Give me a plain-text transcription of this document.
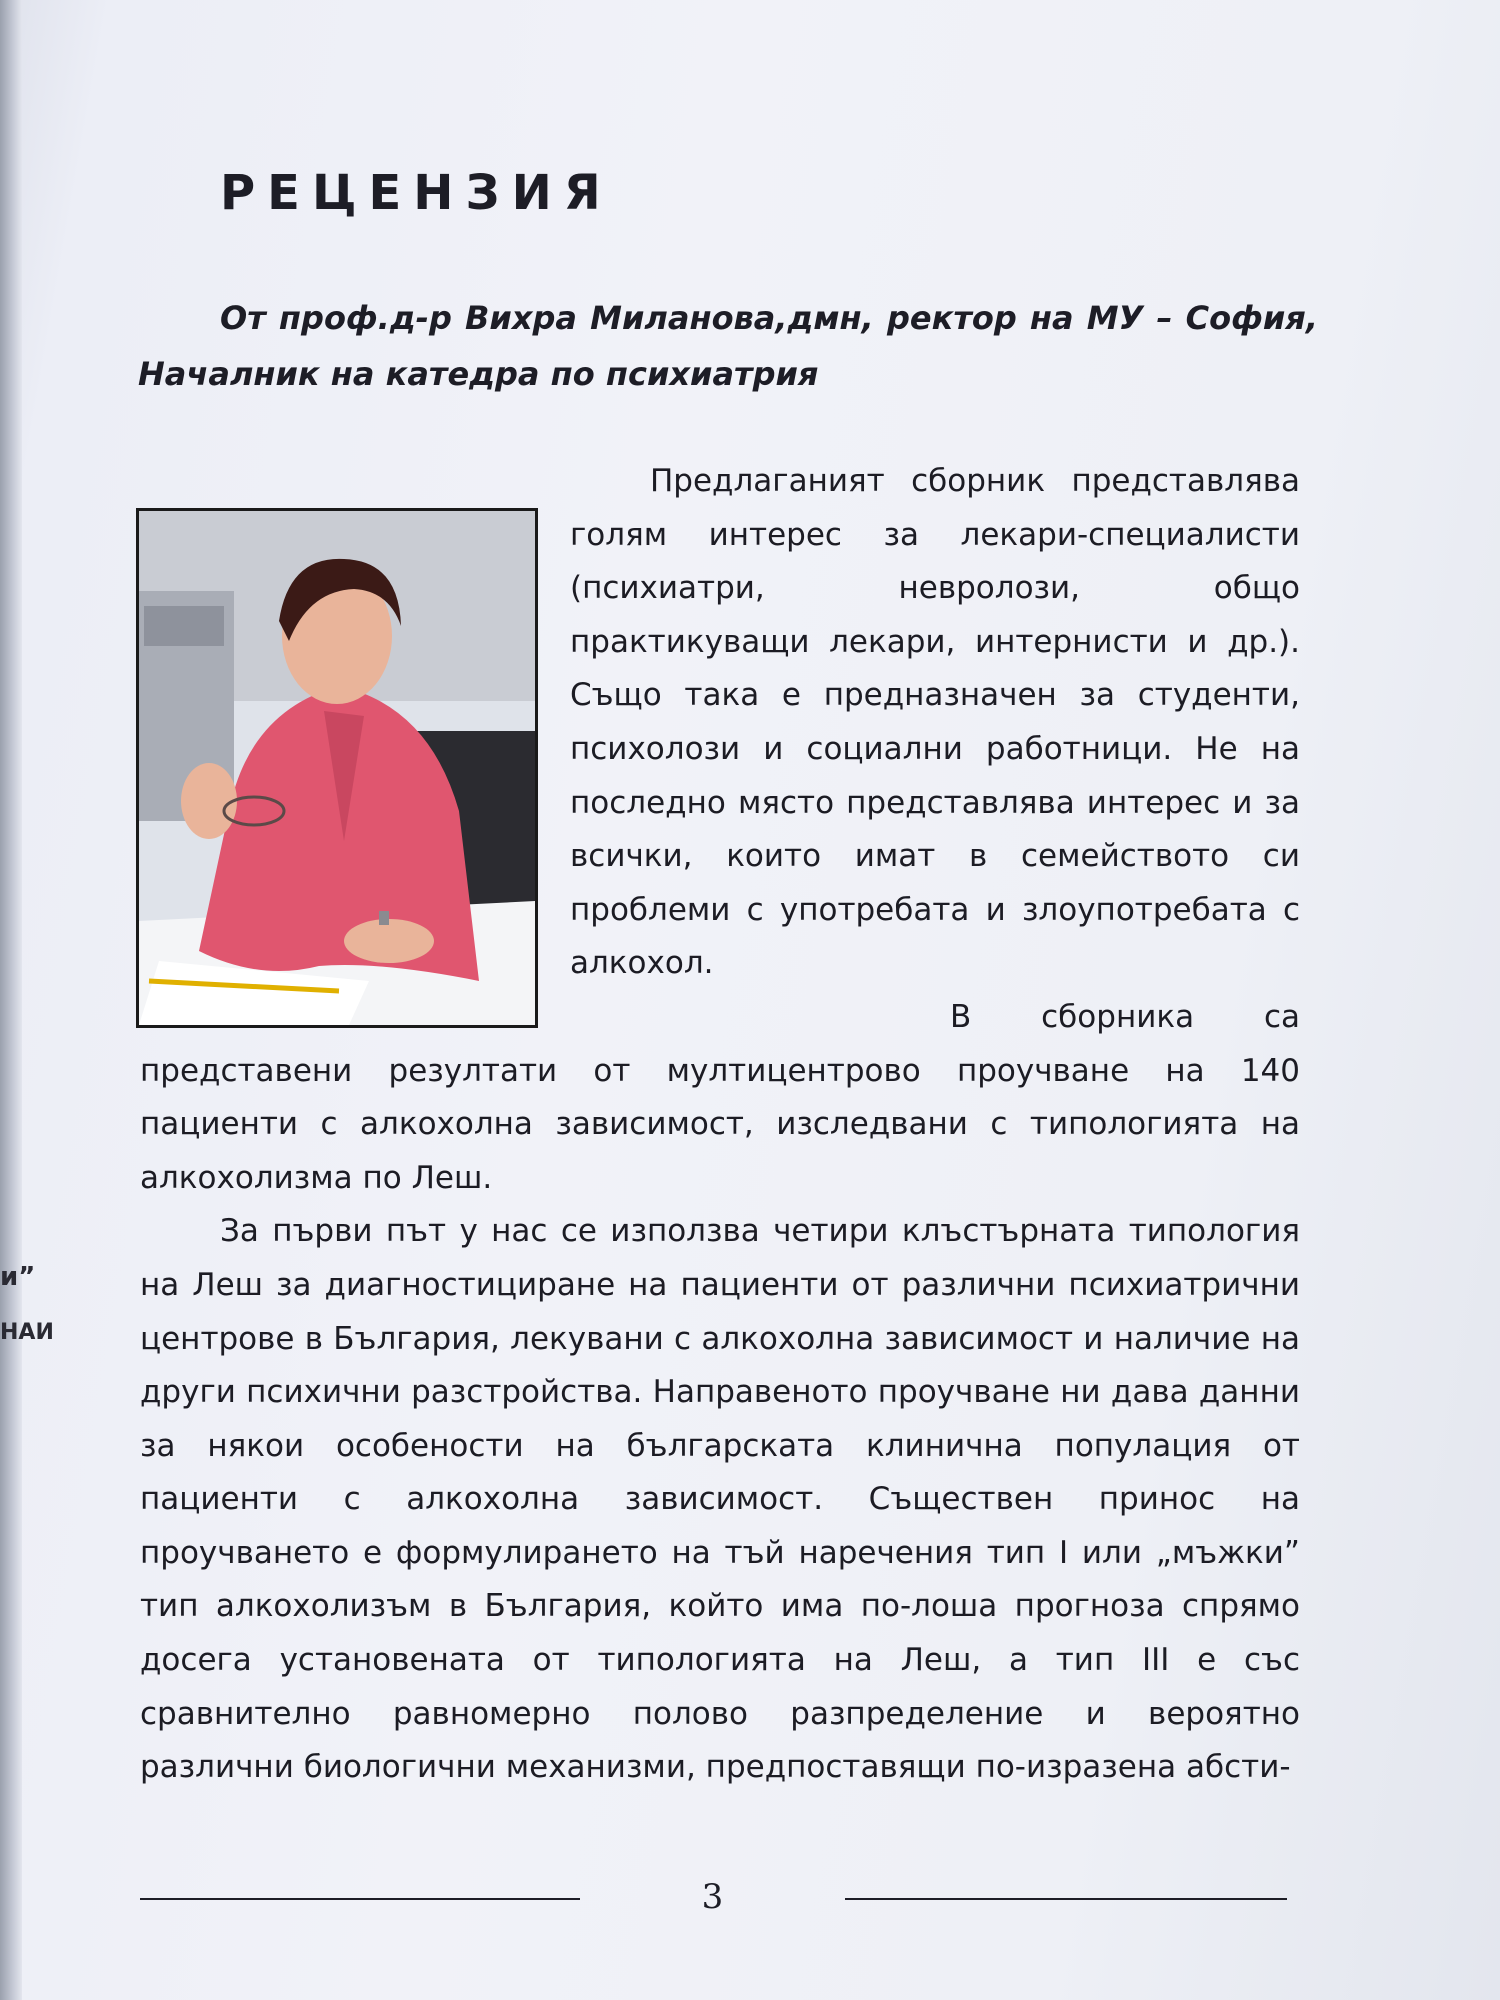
и”
НАИ
РЕЦЕНЗИЯ
От проф.д-р Вихра Миланова,дмн, ректор на МУ – София, Началник на катедра по психиатрия

Предлаганият сборник представлява голям интерес за лекари-специалисти (психиатри, невролози, общо практикуващи лекари, интернисти и др.). Също така е предназначен за студенти, психолози и социални работници. Не на последно място представлява интерес и за всички, които имат в семейството си проблеми с употребата и злоупотребата с алкохол.

В сборника са представени резултати от мултицентрово проучване на 140 пациенти с алкохолна зависимост, изследвани с типологията на алкохолизма по Леш.

За първи път у нас се използва четири клъстърната типология на Леш за диагностициране на пациенти от различни психиатрични центрове в България, лекувани с алкохолна зависимост и наличие на други психични разстройства. Направеното проучване ни дава данни за някои особености на българската клинична популация от пациенти с алкохолна зависимост. Съществен принос на проучването е формулирането на тъй наречения тип I или „мъжки” тип алкохолизъм в България, който има по-лоша прогноза спрямо досега установената от типологията на Леш, а тип III е със сравнително равномерно полово разпределение и вероятно различни биологични механизми, предпоставящи по-изразена абсти-

3
